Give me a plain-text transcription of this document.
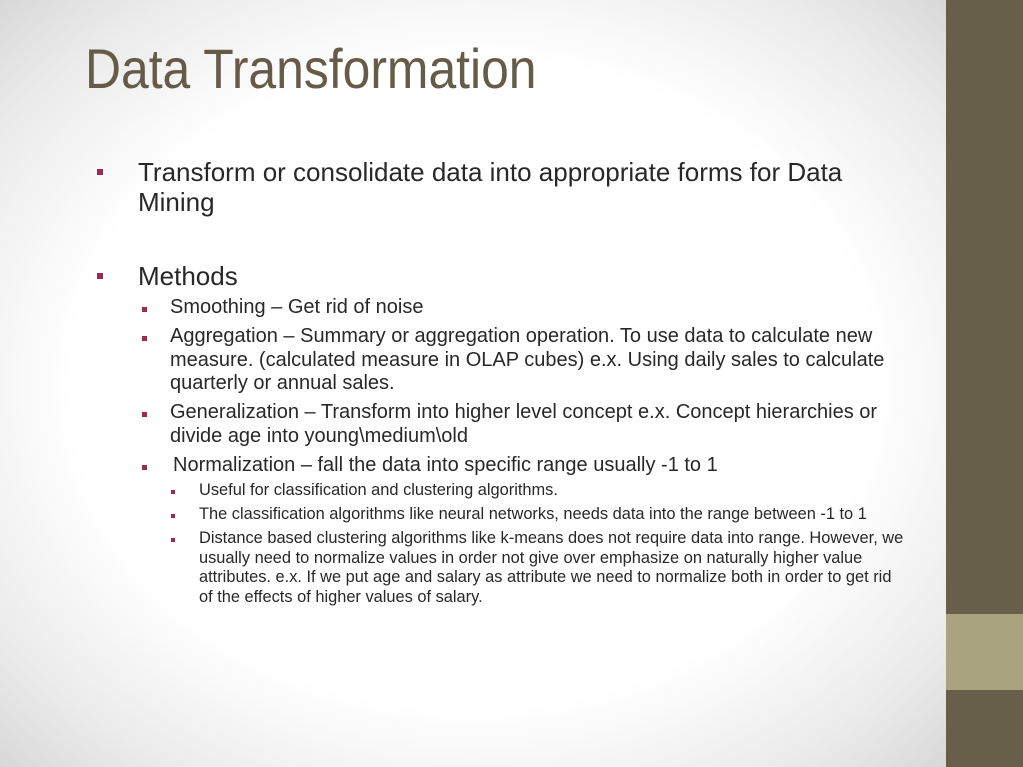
Data Transformation
Transform or consolidate data into appropriate forms for Data
Mining
Methods
Smoothing – Get rid of noise
Aggregation – Summary or aggregation operation. To use data to calculate new
measure. (calculated measure in OLAP cubes) e.x. Using daily sales to calculate
quarterly or annual sales.
Generalization – Transform into higher level concept e.x. Concept hierarchies or
divide age into young\medium\old
Normalization – fall the data into specific range usually -1 to 1
Useful for classification and clustering algorithms.
The classification algorithms like neural networks, needs data into the range between -1 to 1
Distance based clustering algorithms like k-means does not require data into range. However, we
usually need to normalize values in order not give over emphasize on naturally higher value
attributes. e.x. If we put age and salary as attribute we need to normalize both in order to get rid
of the effects of higher values of salary.
